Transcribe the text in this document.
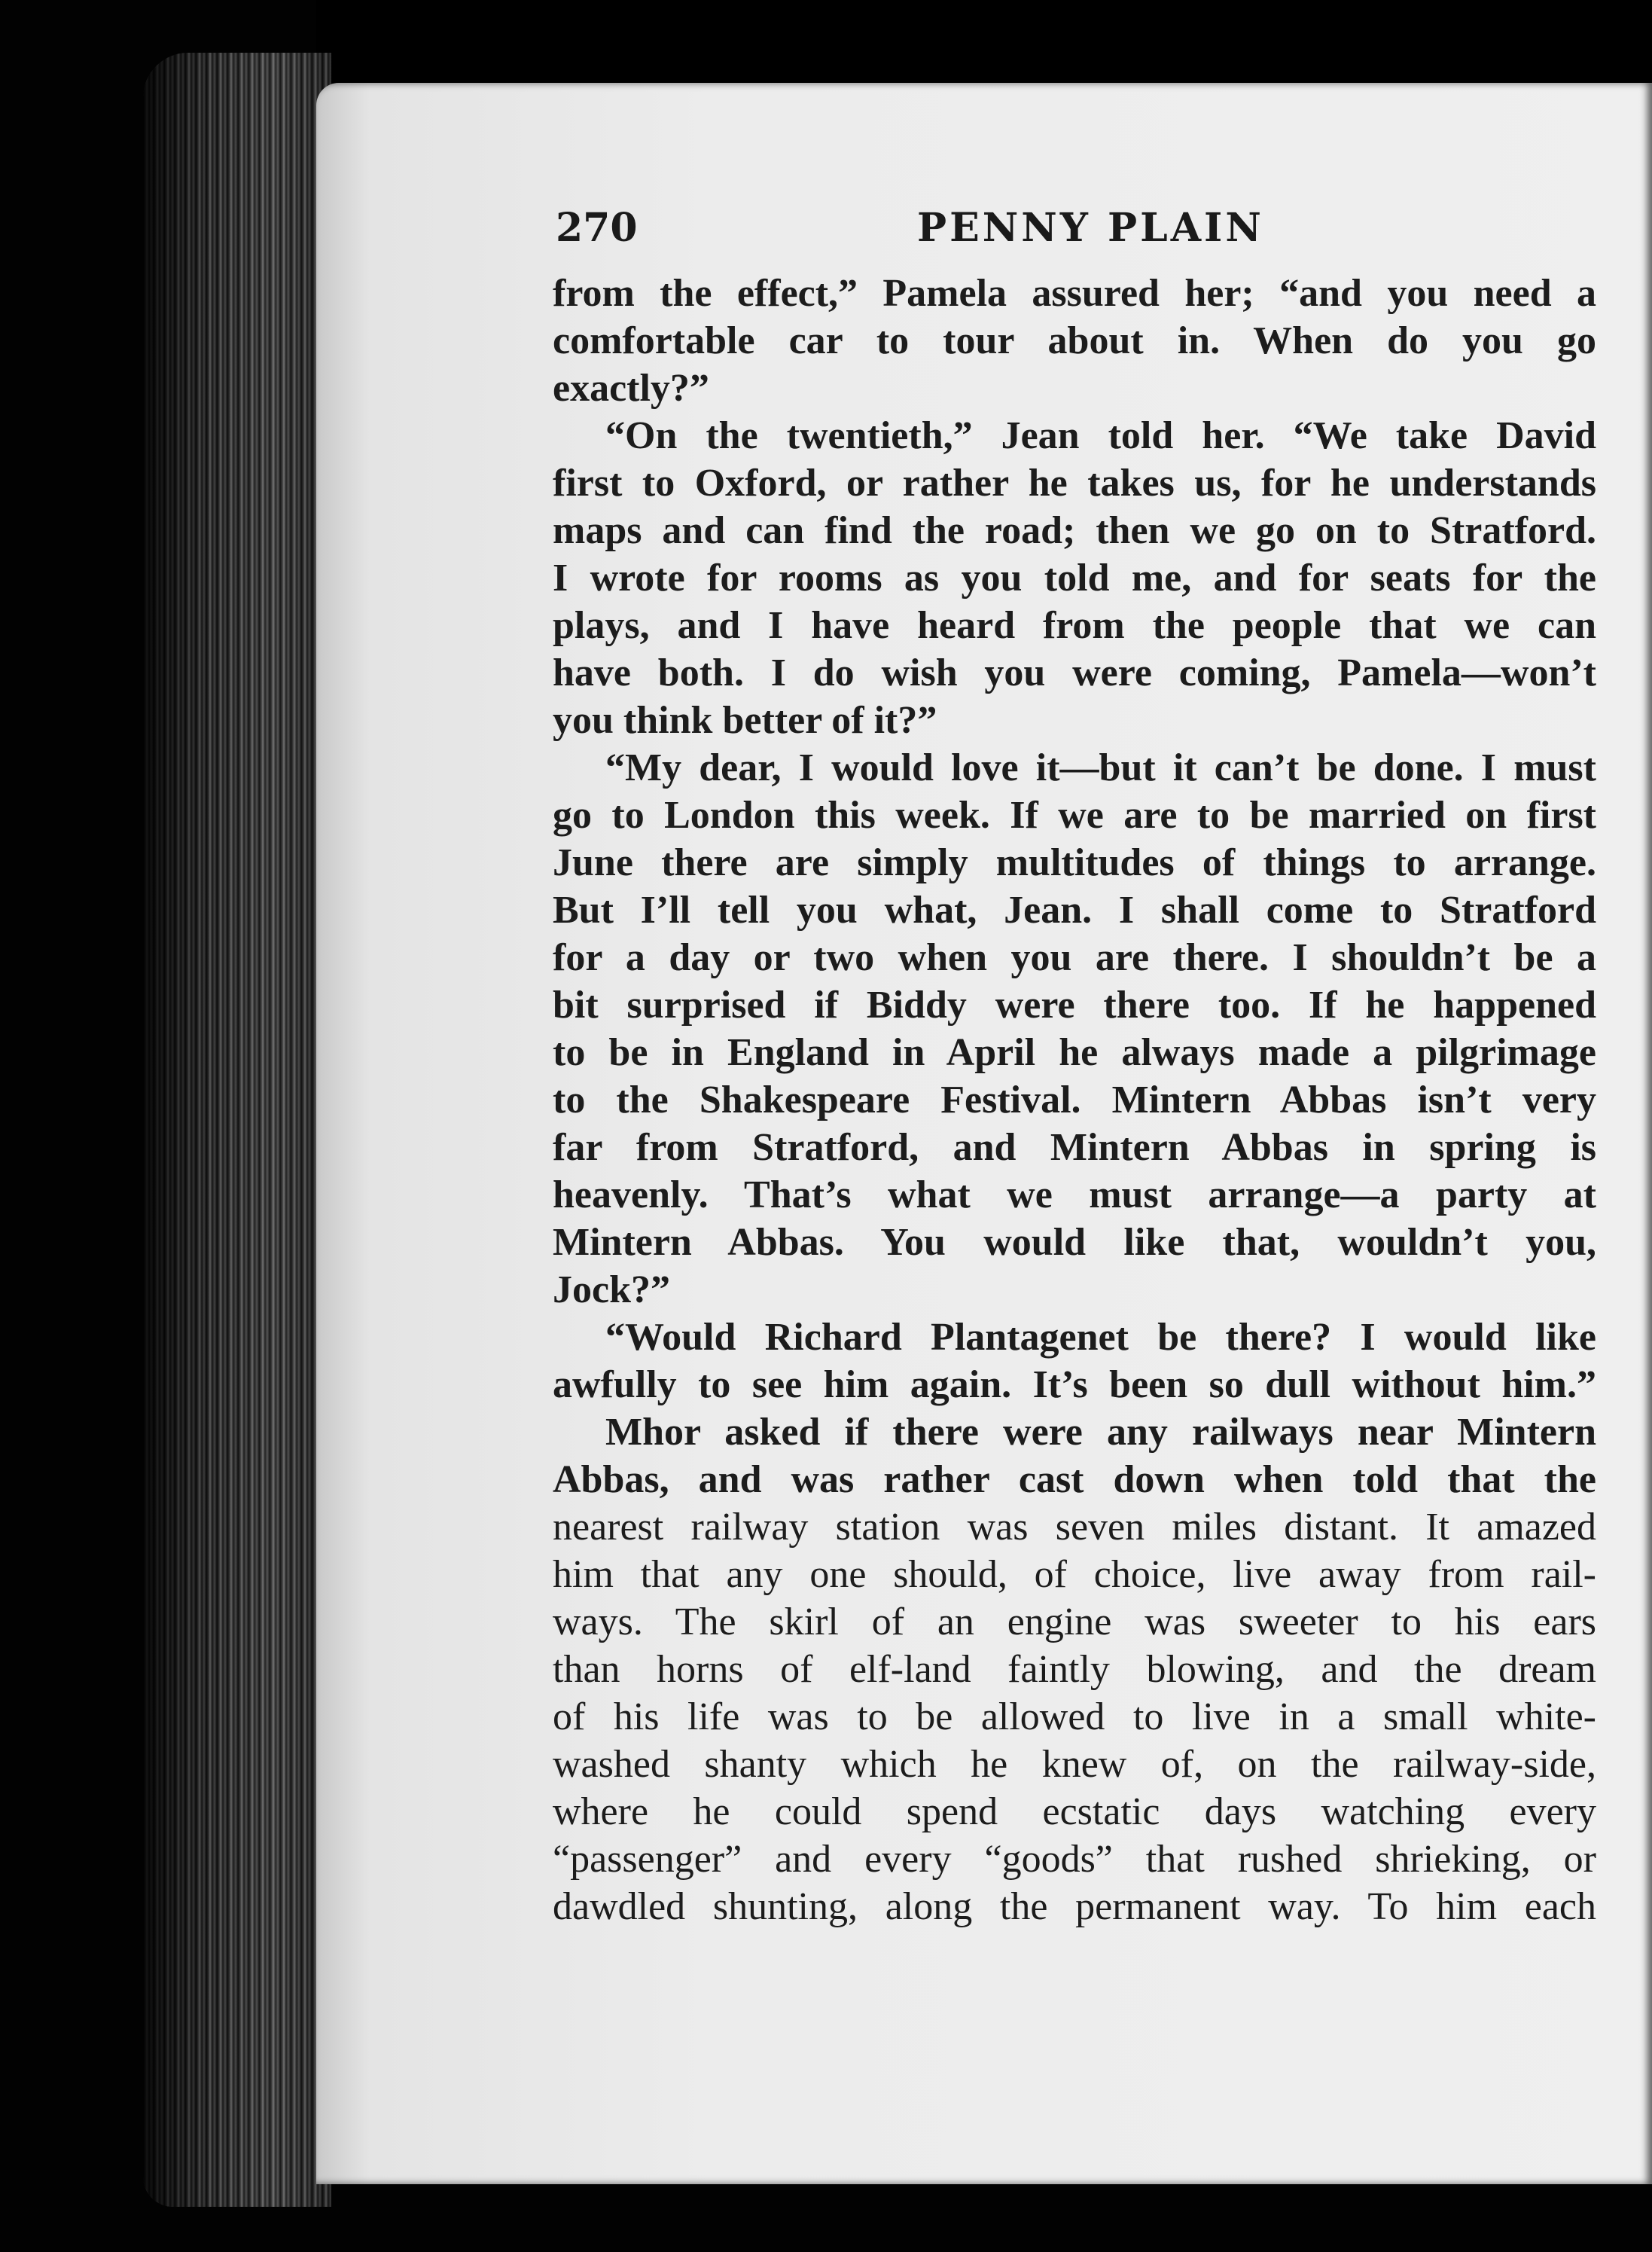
270	PENNY PLAIN
from the effect,” Pamela assured her; “and you need a
comfortable car to tour about in. When do you go
exactly?”
“On the twentieth,” Jean told her. “We take David
first to Oxford, or rather he takes us, for he understands
maps and can find the road; then we go on to Stratford.
I wrote for rooms as you told me, and for seats for the
plays, and I have heard from the people that we can
have both. I do wish you were coming, Pamela—won’t
you think better of it?”
“My dear, I would love it—but it can’t be done. I must
go to London this week. If we are to be married on first
June there are simply multitudes of things to arrange.
But I’ll tell you what, Jean. I shall come to Stratford
for a day or two when you are there. I shouldn’t be a
bit surprised if Biddy were there too. If he happened
to be in England in April he always made a pilgrimage
to the Shakespeare Festival. Mintern Abbas isn’t very
far from Stratford, and Mintern Abbas in spring is
heavenly. That’s what we must arrange—a party at
Mintern Abbas. You would like that, wouldn’t you,
Jock?”
“Would Richard Plantagenet be there? I would like
awfully to see him again. It’s been so dull without him.”
Mhor asked if there were any railways near Mintern
Abbas, and was rather cast down when told that the
nearest railway station was seven miles distant. It amazed
him that any one should, of choice, live away from rail-
ways. The skirl of an engine was sweeter to his ears
than horns of elf-land faintly blowing, and the dream
of his life was to be allowed to live in a small white-
washed shanty which he knew of, on the railway-side,
where he could spend ecstatic days watching every
“passenger” and every “goods” that rushed shrieking, or
dawdled shunting, along the permanent way. To him each
